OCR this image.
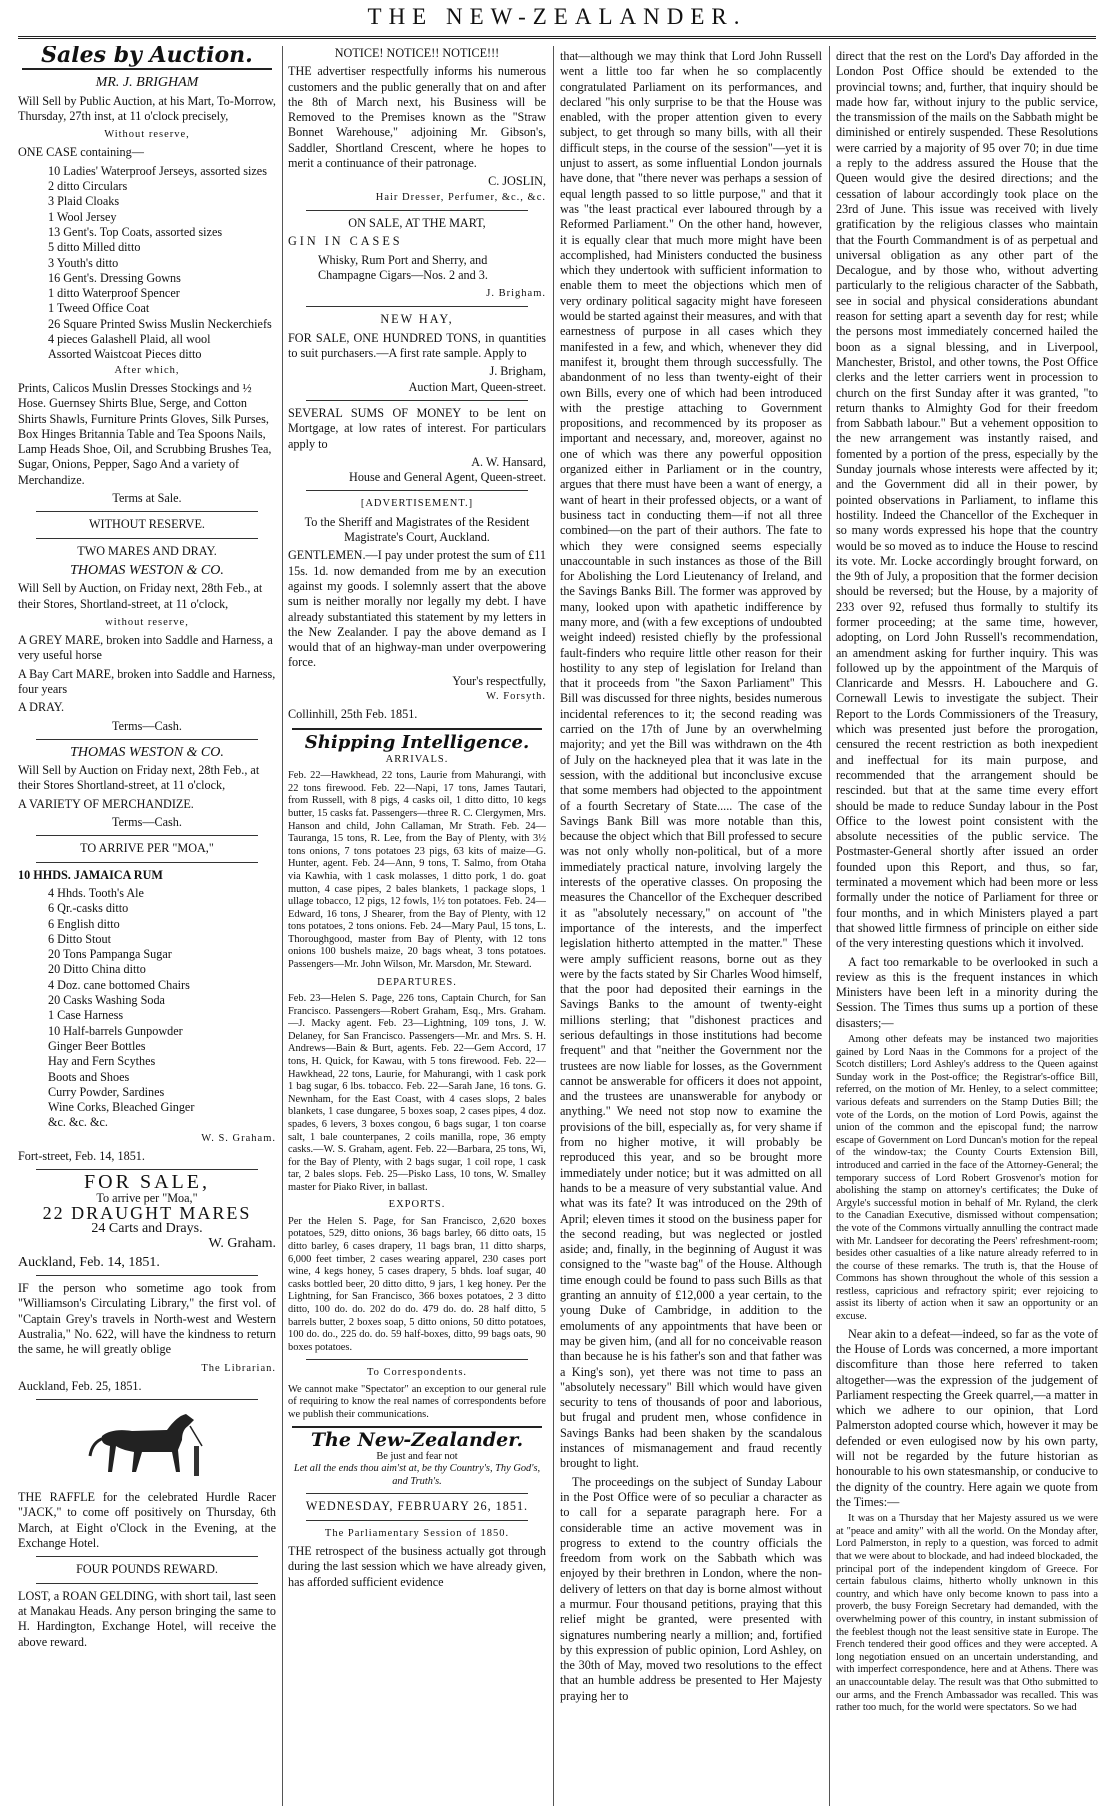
THE NEW-ZEALANDER.
Sales by Auction.
MR. J. BRIGHAM

Will Sell by Public Auction, at his Mart, To-Morrow, Thursday, 27th inst, at 11 o'clock precisely,

Without reserve,

ONE CASE containing—

10 Ladies' Waterproof Jerseys, assorted sizes
2 ditto Circulars
3 Plaid Cloaks
1 Wool Jersey
13 Gent's. Top Coats, assorted sizes
5 ditto Milled ditto
3 Youth's ditto
16 Gent's. Dressing Gowns
1 ditto Waterproof Spencer
1 Tweed Office Coat
26 Square Printed Swiss Muslin Neckerchiefs
4 pieces Galashell Plaid, all wool
Assorted Waistcoat Pieces ditto
After which,

Prints, Calicos Muslin Dresses Stockings and ½ Hose. Guernsey Shirts Blue, Serge, and Cotton Shirts Shawls, Furniture Prints Gloves, Silk Purses, Box Hinges Britannia Table and Tea Spoons Nails, Lamp Heads Shoe, Oil, and Scrubbing Brushes Tea, Sugar, Onions, Pepper, Sago And a variety of Merchandize.

Terms at Sale.
WITHOUT RESERVE.
TWO MARES AND DRAY.
THOMAS WESTON & CO.

Will Sell by Auction, on Friday next, 28th Feb., at their Stores, Shortland-street, at 11 o'clock,

without reserve,

A GREY MARE, broken into Saddle and Harness, a very useful horse

A Bay Cart MARE, broken into Saddle and Harness, four years

A DRAY.

Terms—Cash.
THOMAS WESTON & CO.

Will Sell by Auction on Friday next, 28th Feb., at their Stores Shortland-street, at 11 o'clock,

A VARIETY OF MERCHANDIZE.

Terms—Cash.
TO ARRIVE PER "MOA,"

10 HHDS. JAMAICA RUM

4 Hhds. Tooth's Ale
6 Qr.-casks ditto
6 English ditto
6 Ditto Stout
20 Tons Pampanga Sugar
20 Ditto China ditto
4 Doz. cane bottomed Chairs
20 Casks Washing Soda
1 Case Harness
10 Half-barrels Gunpowder
Ginger Beer Bottles
Hay and Fern Scythes
Boots and Shoes
Curry Powder, Sardines
Wine Corks, Bleached Ginger
&c. &c. &c.
W. S. Graham.

Fort-street, Feb. 14, 1851.

FOR SALE,
To arrive per "Moa,"
22 DRAUGHT MARES
24 Carts and Drays.
W. Graham.

Auckland, Feb. 14, 1851.

IF the person who sometime ago took from "Williamson's Circulating Library," the first vol. of "Captain Grey's travels in North-west and Western Australia," No. 622, will have the kindness to return the same, he will greatly oblige

The Librarian.

Auckland, Feb. 25, 1851.

THE RAFFLE for the celebrated Hurdle Racer "JACK," to come off positively on Thursday, 6th March, at Eight o'Clock in the Evening, at the Exchange Hotel.

FOUR POUNDS REWARD.

LOST, a ROAN GELDING, with short tail, last seen at Manakau Heads. Any person bringing the same to H. Hardington, Exchange Hotel, will receive the above reward.

NOTICE! NOTICE!! NOTICE!!!

THE advertiser respectfully informs his numerous customers and the public generally that on and after the 8th of March next, his Business will be Removed to the Premises known as the "Straw Bonnet Warehouse," adjoining Mr. Gibson's, Saddler, Shortland Crescent, where he hopes to merit a continuance of their patronage.

C. JOSLIN,
Hair Dresser, Perfumer, &c., &c.
ON SALE, AT THE MART,

GIN IN CASES

Whisky, Rum Port and Sherry, and Champagne Cigars—Nos. 2 and 3.

J. Brigham.
NEW HAY,

FOR SALE, ONE HUNDRED TONS, in quantities to suit purchasers.—A first rate sample. Apply to

J. Brigham,
Auction Mart, Queen-street.

SEVERAL SUMS OF MONEY to be lent on Mortgage, at low rates of interest. For particulars apply to

A. W. Hansard,
House and General Agent, Queen-street.
[ADVERTISEMENT.]

To the Sheriff and Magistrates of the Resident Magistrate's Court, Auckland.

GENTLEMEN.—I pay under protest the sum of £11 15s. 1d. now demanded from me by an execution against my goods. I solemnly assert that the above sum is neither morally nor legally my debt. I have already substantiated this statement by my letters in the New Zealander. I pay the above demand as I would that of an highway-man under overpowering force.

Your's respectfully,
W. Forsyth.

Collinhill, 25th Feb. 1851.

Shipping Intelligence.
ARRIVALS.

Feb. 22—Hawkhead, 22 tons, Laurie from Mahurangi, with 22 tons firewood. Feb. 22—Napi, 17 tons, James Tautari, from Russell, with 8 pigs, 4 casks oil, 1 ditto ditto, 10 kegs butter, 15 casks fat. Passengers—three R. C. Clergymen, Mrs. Hanson and child, John Callaman, Mr Strath. Feb. 24—Tauranga, 15 tons, R. Lee, from the Bay of Plenty, with 3½ tons onions, 7 tons potatoes 23 pigs, 63 kits of maize—G. Hunter, agent. Feb. 24—Ann, 9 tons, T. Salmo, from Otaha via Kawhia, with 1 cask molasses, 1 ditto pork, 1 do. goat mutton, 4 case pipes, 2 bales blankets, 1 package slops, 1 ullage tobacco, 12 pigs, 12 fowls, 1½ ton potatoes. Feb. 24—Edward, 16 tons, J Shearer, from the Bay of Plenty, with 12 tons potatoes, 2 tons onions. Feb. 24—Mary Paul, 15 tons, L. Thoroughgood, master from Bay of Plenty, with 12 tons onions 100 bushels maize, 20 bags wheat, 3 tons potatoes. Passengers—Mr. John Wilson, Mr. Marsdon, Mr. Steward.

DEPARTURES.

Feb. 23—Helen S. Page, 226 tons, Captain Church, for San Francisco. Passengers—Robert Graham, Esq., Mrs. Graham.—J. Macky agent. Feb. 23—Lightning, 109 tons, J. W. Delaney, for San Francisco. Passengers—Mr. and Mrs. S. H. Andrews—Bain & Burt, agents. Feb. 22—Gem Accord, 17 tons, H. Quick, for Kawau, with 5 tons firewood. Feb. 22—Hawkhead, 22 tons, Laurie, for Mahurangi, with 1 cask pork 1 bag sugar, 6 lbs. tobacco. Feb. 22—Sarah Jane, 16 tons. G. Newnham, for the East Coast, with 4 cases slops, 2 bales blankets, 1 case dungaree, 5 boxes soap, 2 cases pipes, 4 doz. spades, 6 levers, 3 boxes congou, 6 bags sugar, 1 ton coarse salt, 1 bale counterpanes, 2 coils manilla, rope, 36 empty casks.—W. S. Graham, agent. Feb. 22—Barbara, 25 tons, Wi, for the Bay of Plenty, with 2 bags sugar, 1 coil rope, 1 cask tar, 2 bales slops. Feb. 25—Pisko Lass, 10 tons, W. Smalley master for Piako River, in ballast.

EXPORTS.

Per the Helen S. Page, for San Francisco, 2,620 boxes potatoes, 529, ditto onions, 36 bags barley, 66 ditto oats, 15 ditto barley, 6 cases drapery, 11 bags bran, 11 ditto sharps, 6,000 feet timber, 2 cases wearing apparel, 230 cases port wine, 4 kegs honey, 5 cases drapery, 5 bhds. loaf sugar, 40 casks bottled beer, 20 ditto ditto, 9 jars, 1 keg honey. Per the Lightning, for San Francisco, 366 boxes potatoes, 2 3 ditto ditto, 100 do. do. 202 do do. 479 do. do. 28 half ditto, 5 barrels butter, 2 boxes soap, 5 ditto onions, 50 ditto potatoes, 100 do. do., 225 do. do. 59 half-boxes, ditto, 99 bags oats, 90 boxes potatoes.

To Correspondents.

We cannot make "Spectator" an exception to our general rule of requiring to know the real names of correspondents before we publish their communications.

The New-Zealander.
Be just and fear not
Let all the ends thou aim'st at, be thy Country's, Thy God's, and Truth's.
WEDNESDAY, FEBRUARY 26, 1851.
The Parliamentary Session of 1850.

THE retrospect of the business actually got through during the last session which we have already given, has afforded sufficient evidence

that—although we may think that Lord John Russell went a little too far when he so complacently congratulated Parliament on its performances, and declared "his only surprise to be that the House was enabled, with the proper attention given to every subject, to get through so many bills, with all their difficult steps, in the course of the session"—yet it is unjust to assert, as some influential London journals have done, that "there never was perhaps a session of equal length passed to so little purpose," and that it was "the least practical ever laboured through by a Reformed Parliament." On the other hand, however, it is equally clear that much more might have been accomplished, had Ministers conducted the business which they undertook with sufficient information to enable them to meet the objections which men of very ordinary political sagacity might have foreseen would be started against their measures, and with that earnestness of purpose in all cases which they manifested in a few, and which, whenever they did manifest it, brought them through successfully. The abandonment of no less than twenty-eight of their own Bills, every one of which had been introduced with the prestige attaching to Government propositions, and recommenced by its proposer as important and necessary, and, moreover, against no one of which was there any powerful opposition organized either in Parliament or in the country, argues that there must have been a want of energy, a want of heart in their professed objects, or a want of business tact in conducting them—if not all three combined—on the part of their authors. The fate to which they were consigned seems especially unaccountable in such instances as those of the Bill for Abolishing the Lord Lieutenancy of Ireland, and the Savings Banks Bill. The former was approved by many, looked upon with apathetic indifference by many more, and (with a few exceptions of undoubted weight indeed) resisted chiefly by the professional fault-finders who require little other reason for their hostility to any step of legislation for Ireland than that it proceeds from "the Saxon Parliament" This Bill was discussed for three nights, besides numerous incidental references to it; the second reading was carried on the 17th of June by an overwhelming majority; and yet the Bill was withdrawn on the 4th of July on the hackneyed plea that it was late in the session, with the additional but inconclusive excuse that some members had objected to the appointment of a fourth Secretary of State..... The case of the Savings Bank Bill was more notable than this, because the object which that Bill professed to secure was not only wholly non-political, but of a more immediately practical nature, involving largely the interests of the operative classes. On proposing the measures the Chancellor of the Exchequer described it as "absolutely necessary," on account of "the importance of the interests, and the imperfect legislation hitherto attempted in the matter." These were amply sufficient reasons, borne out as they were by the facts stated by Sir Charles Wood himself, that the poor had deposited their earnings in the Savings Banks to the amount of twenty-eight millions sterling; that "dishonest practices and serious defaultings in those institutions had become frequent" and that "neither the Government nor the trustees are now liable for losses, as the Government cannot be answerable for officers it does not appoint, and the trustees are unanswerable for anybody or anything." We need not stop now to examine the provisions of the bill, especially as, for very shame if from no higher motive, it will probably be reproduced this year, and so be brought more immediately under notice; but it was admitted on all hands to be a measure of very substantial value. And what was its fate? It was introduced on the 29th of April; eleven times it stood on the business paper for the second reading, but was neglected or jostled aside; and, finally, in the beginning of August it was consigned to the "waste bag" of the House. Although time enough could be found to pass such Bills as that granting an annuity of £12,000 a year certain, to the young Duke of Cambridge, in addition to the emoluments of any appointments that have been or may be given him, (and all for no conceivable reason than because he is his father's son and that father was a King's son), yet there was not time to pass an "absolutely necessary" Bill which would have given security to tens of thousands of poor and laborious, but frugal and prudent men, whose confidence in Savings Banks had been shaken by the scandalous instances of mismanagement and fraud recently brought to light.

The proceedings on the subject of Sunday Labour in the Post Office were of so peculiar a character as to call for a separate paragraph here. For a considerable time an active movement was in progress to extend to the country officials the freedom from work on the Sabbath which was enjoyed by their brethren in London, where the non-delivery of letters on that day is borne almost without a murmur. Four thousand petitions, praying that this relief might be granted, were presented with signatures numbering nearly a million; and, fortified by this expression of public opinion, Lord Ashley, on the 30th of May, moved two resolutions to the effect that an humble address be presented to Her Majesty praying her to

direct that the rest on the Lord's Day afforded in the London Post Office should be extended to the provincial towns; and, further, that inquiry should be made how far, without injury to the public service, the transmission of the mails on the Sabbath might be diminished or entirely suspended. These Resolutions were carried by a majority of 95 over 70; in due time a reply to the address assured the House that the Queen would give the desired directions; and the cessation of labour accordingly took place on the 23rd of June. This issue was received with lively gratification by the religious classes who maintain that the Fourth Commandment is of as perpetual and universal obligation as any other part of the Decalogue, and by those who, without adverting particularly to the religious character of the Sabbath, see in social and physical considerations abundant reason for setting apart a seventh day for rest; while the persons most immediately concerned hailed the boon as a signal blessing, and in Liverpool, Manchester, Bristol, and other towns, the Post Office clerks and the letter carriers went in procession to church on the first Sunday after it was granted, "to return thanks to Almighty God for their freedom from Sabbath labour." But a vehement opposition to the new arrangement was instantly raised, and fomented by a portion of the press, especially by the Sunday journals whose interests were affected by it; and the Government did all in their power, by pointed observations in Parliament, to inflame this hostility. Indeed the Chancellor of the Exchequer in so many words expressed his hope that the country would be so moved as to induce the House to rescind its vote. Mr. Locke accordingly brought forward, on the 9th of July, a proposition that the former decision should be reversed; but the House, by a majority of 233 over 92, refused thus formally to stultify its former proceeding; at the same time, however, adopting, on Lord John Russell's recommendation, an amendment asking for further inquiry. This was followed up by the appointment of the Marquis of Clanricarde and Messrs. H. Labouchere and G. Cornewall Lewis to investigate the subject. Their Report to the Lords Commissioners of the Treasury, which was presented just before the prorogation, censured the recent restriction as both inexpedient and ineffectual for its main purpose, and recommended that the arrangement should be rescinded. but that at the same time every effort should be made to reduce Sunday labour in the Post Office to the lowest point consistent with the absolute necessities of the public service. The Postmaster-General shortly after issued an order founded upon this Report, and thus, so far, terminated a movement which had been more or less formally under the notice of Parliament for three or four months, and in which Ministers played a part that showed little firmness of principle on either side of the very interesting questions which it involved.

A fact too remarkable to be overlooked in such a review as this is the frequent instances in which Ministers have been left in a minority during the Session. The Times thus sums up a portion of these disasters;—

Among other defeats may be instanced two majorities gained by Lord Naas in the Commons for a project of the Scotch distillers; Lord Ashley's address to the Queen against Sunday work in the Post-office; the Registrar's-office Bill, referred, on the motion of Mr. Henley, to a select committee; various defeats and surrenders on the Stamp Duties Bill; the vote of the Lords, on the motion of Lord Powis, against the union of the common and the episcopal fund; the narrow escape of Government on Lord Duncan's motion for the repeal of the window-tax; the County Courts Extension Bill, introduced and carried in the face of the Attorney-General; the temporary success of Lord Robert Grosvenor's motion for abolishing the stamp on attorney's certificates; the Duke of Argyle's successful motion in behalf of Mr. Ryland, the clerk to the Canadian Executive, dismissed without compensation; the vote of the Commons virtually annulling the contract made with Mr. Landseer for decorating the Peers' refreshment-room; besides other casualties of a like nature already referred to in the course of these remarks. The truth is, that the House of Commons has shown throughout the whole of this session a restless, capricious and refractory spirit; ever rejoicing to assist its liberty of action when it saw an opportunity or an excuse.

Near akin to a defeat—indeed, so far as the vote of the House of Lords was concerned, a more important discomfiture than those here referred to taken altogether—was the expression of the judgement of Parliament respecting the Greek quarrel,—a matter in which we adhere to our opinion, that Lord Palmerston adopted course which, however it may be defended or even eulogised now by his own party, will not be regarded by the future historian as honourable to his own statesmanship, or conducive to the dignity of the country. Here again we quote from the Times:—

It was on a Thursday that her Majesty assured us we were at "peace and amity" with all the world. On the Monday after, Lord Palmerston, in reply to a question, was forced to admit that we were about to blockade, and had indeed blockaded, the principal port of the independent kingdom of Greece. For certain fabulous claims, hitherto wholly unknown in this country, and which have only become known to pass into a proverb, the busy Foreign Secretary had demanded, with the overwhelming power of this country, in instant submission of the feeblest though not the least sensitive state in Europe. The French tendered their good offices and they were accepted. A long negotiation ensued on an uncertain understanding, and with imperfect correspondence, here and at Athens. There was an unaccountable delay. The result was that Otho submitted to our arms, and the French Ambassador was recalled. This was rather too much, for the world were spectators. So we had
